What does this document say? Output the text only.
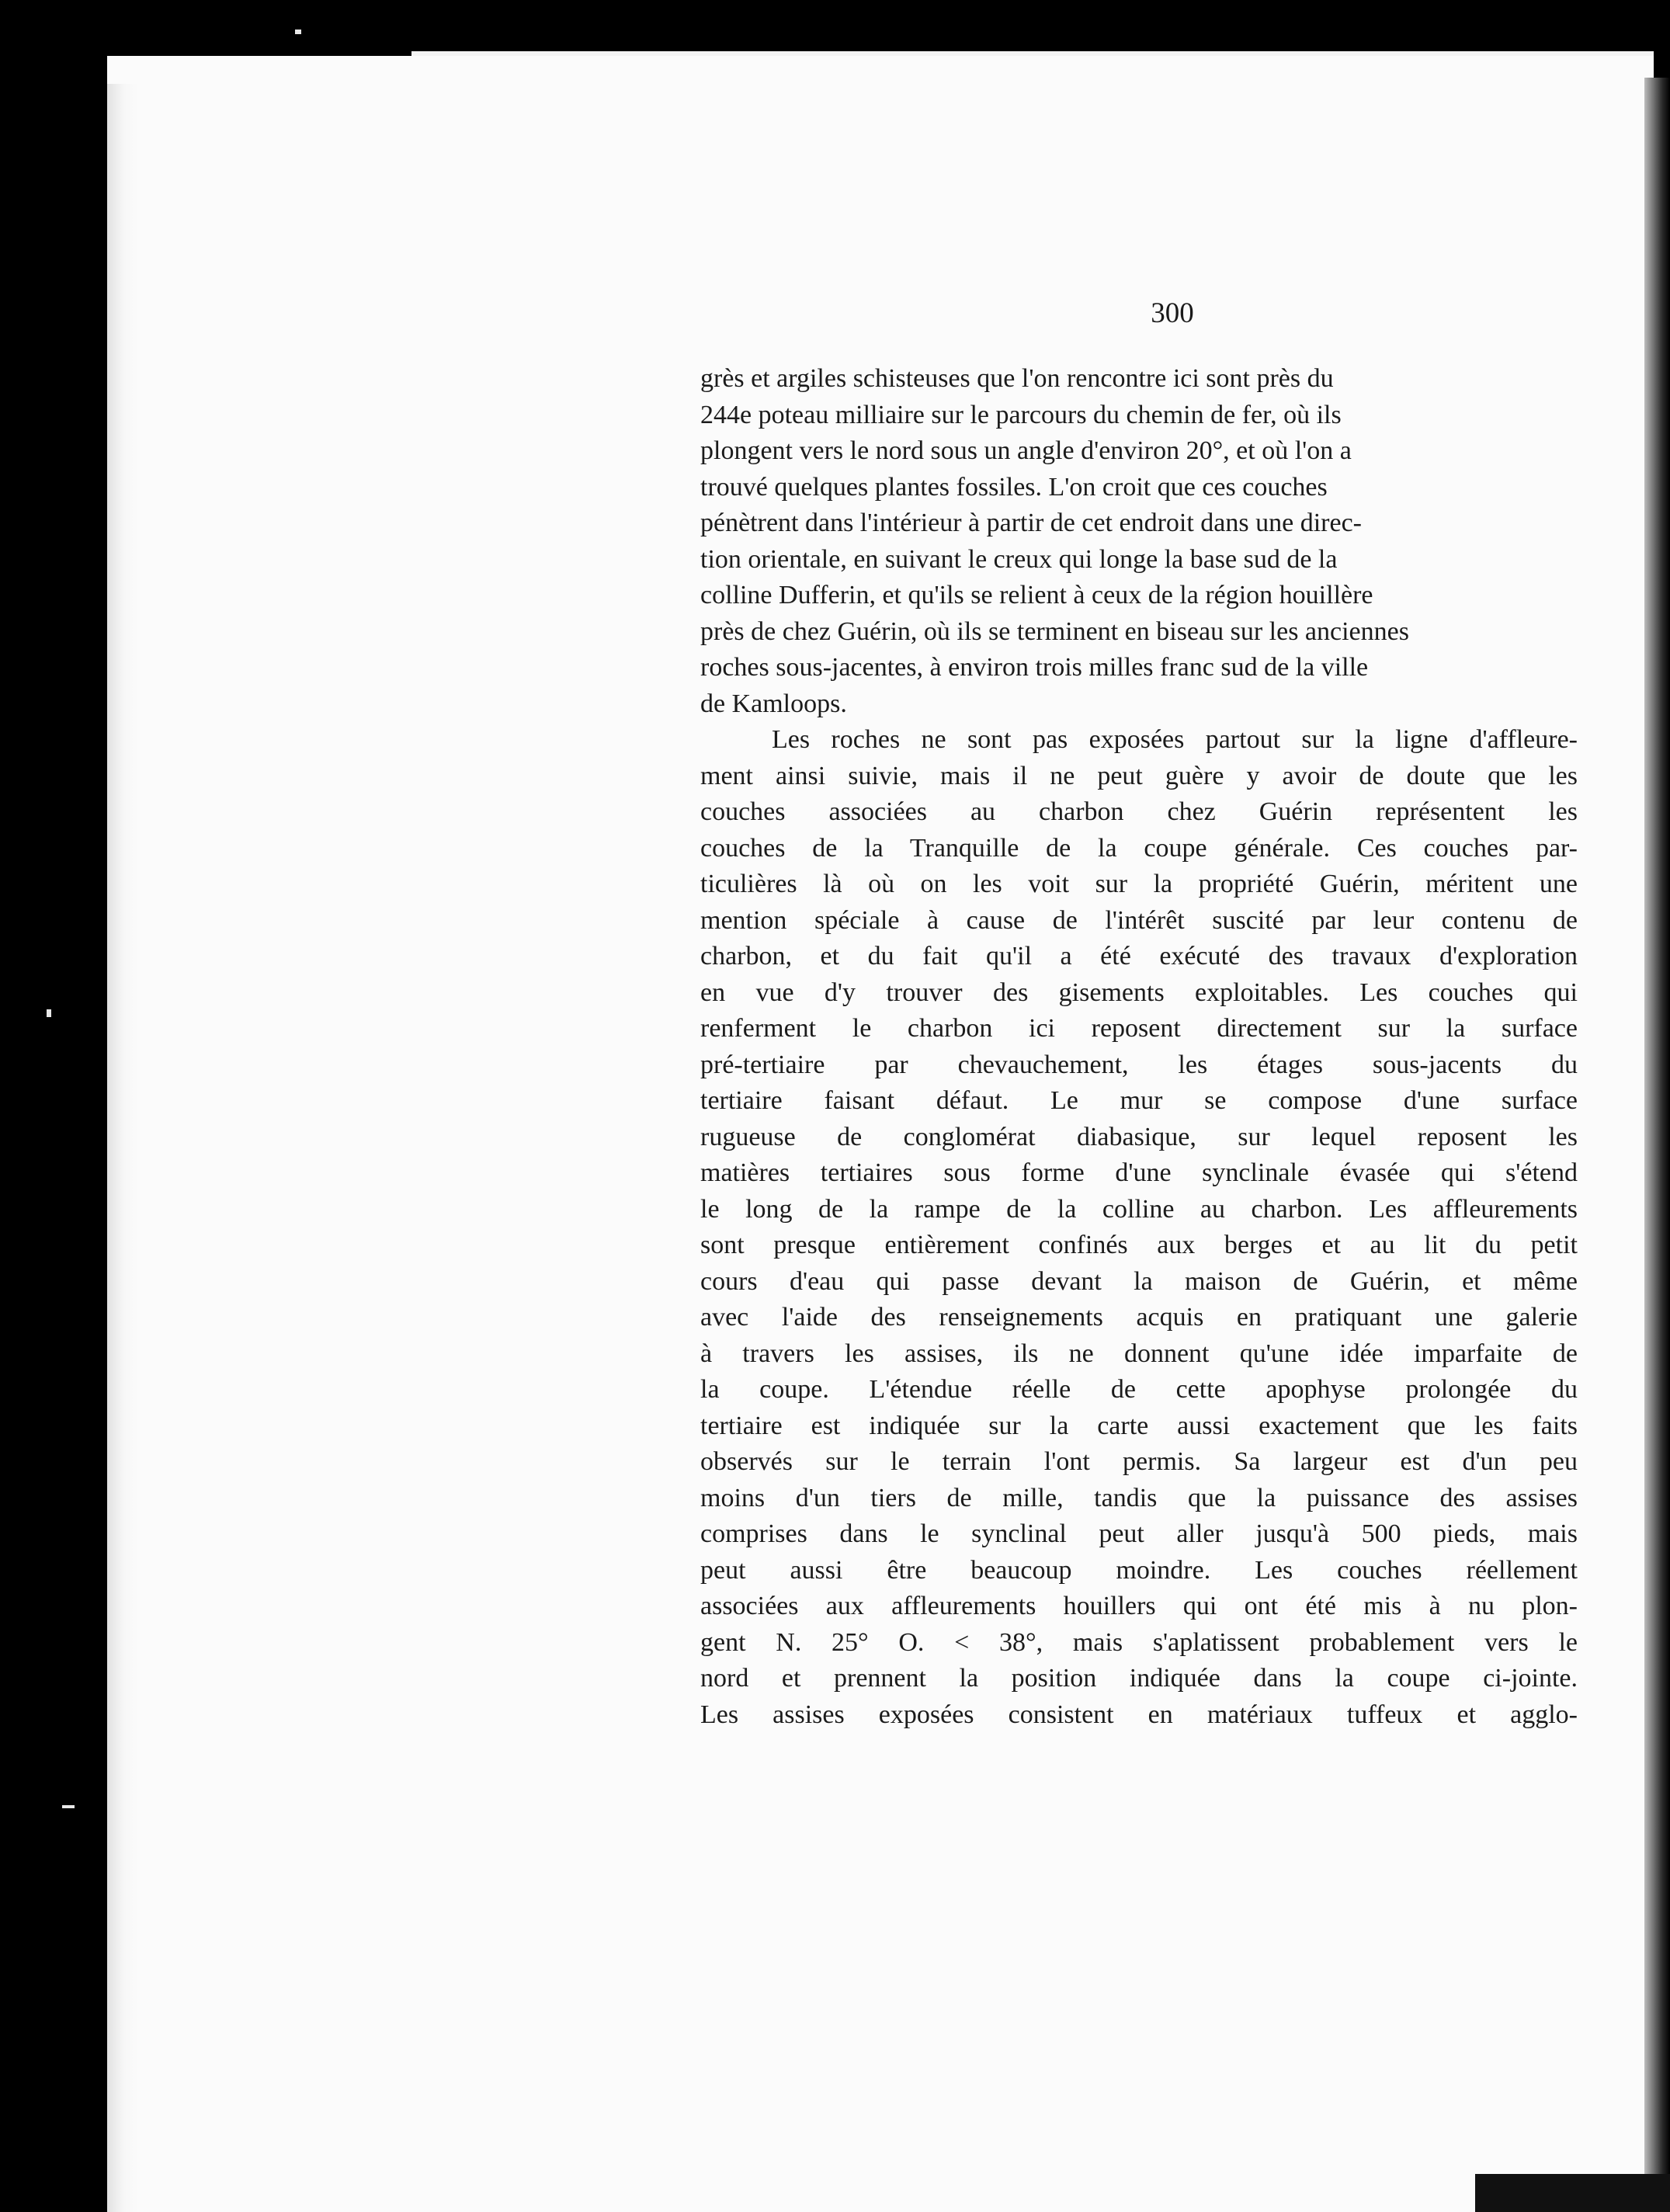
300
grès et argiles schisteuses que l'on rencontre ici sont près du
244e poteau milliaire sur le parcours du chemin de fer, où ils
plongent vers le nord sous un angle d'environ 20°, et où l'on a
trouvé quelques plantes fossiles. L'on croit que ces couches
pénètrent dans l'intérieur à partir de cet endroit dans une direc-
tion orientale, en suivant le creux qui longe la base sud de la
colline Dufferin, et qu'ils se relient à ceux de la région houillère
près de chez Guérin, où ils se terminent en biseau sur les anciennes
roches sous-jacentes, à environ trois milles franc sud de la ville
de Kamloops.
Les roches ne sont pas exposées partout sur la ligne d'affleure-
ment ainsi suivie, mais il ne peut guère y avoir de doute que les
couches associées au charbon chez Guérin représentent les
couches de la Tranquille de la coupe générale. Ces couches par-
ticulières là où on les voit sur la propriété Guérin, méritent une
mention spéciale à cause de l'intérêt suscité par leur contenu de
charbon, et du fait qu'il a été exécuté des travaux d'exploration
en vue d'y trouver des gisements exploitables. Les couches qui
renferment le charbon ici reposent directement sur la surface
pré-tertiaire par chevauchement, les étages sous-jacents du
tertiaire faisant défaut. Le mur se compose d'une surface
rugueuse de conglomérat diabasique, sur lequel reposent les
matières tertiaires sous forme d'une synclinale évasée qui s'étend
le long de la rampe de la colline au charbon. Les affleurements
sont presque entièrement confinés aux berges et au lit du petit
cours d'eau qui passe devant la maison de Guérin, et même
avec l'aide des renseignements acquis en pratiquant une galerie
à travers les assises, ils ne donnent qu'une idée imparfaite de
la coupe. L'étendue réelle de cette apophyse prolongée du
tertiaire est indiquée sur la carte aussi exactement que les faits
observés sur le terrain l'ont permis. Sa largeur est d'un peu
moins d'un tiers de mille, tandis que la puissance des assises
comprises dans le synclinal peut aller jusqu'à 500 pieds, mais
peut aussi être beaucoup moindre. Les couches réellement
associées aux affleurements houillers qui ont été mis à nu plon-
gent N. 25° O. < 38°, mais s'aplatissent probablement vers le
nord et prennent la position indiquée dans la coupe ci-jointe.
Les assises exposées consistent en matériaux tuffeux et agglo-
